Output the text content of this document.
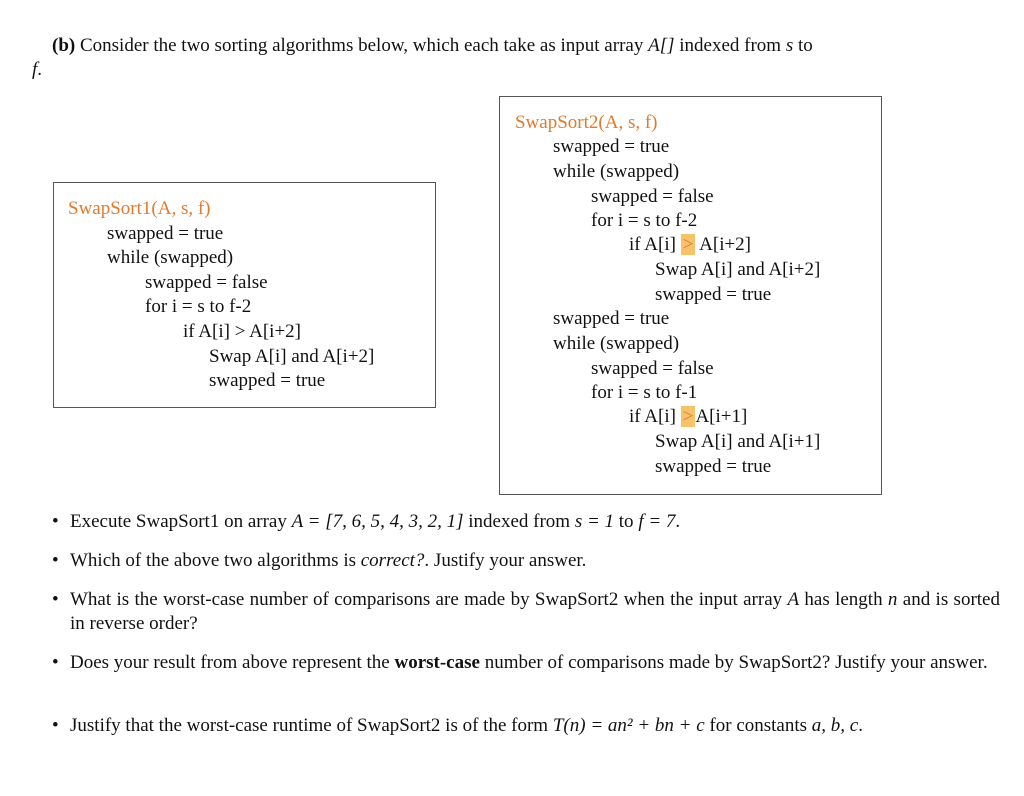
(b) Consider the two sorting algorithms below, which each take as input array A[] indexed from s to
f.
SwapSort1(A, s, f)
swapped = true
while (swapped)
swapped = false
for i = s to f-2
if A[i] > A[i+2]
Swap A[i] and A[i+2]
swapped = true
SwapSort2(A, s, f)
swapped = true
while (swapped)
swapped = false
for i = s to f-2
if A[i] > A[i+2]
Swap A[i] and A[i+2]
swapped = true
swapped = true
while (swapped)
swapped = false
for i = s to f-1
if A[i] > A[i+1]
Swap A[i] and A[i+1]
swapped = true
• Execute SwapSort1 on array A = [7, 6, 5, 4, 3, 2, 1] indexed from s = 1 to f = 7.
• Which of the above two algorithms is correct?. Justify your answer.
• What is the worst-case number of comparisons are made by SwapSort2 when the input array A has length n and is sorted in reverse order?
• Does your result from above represent the worst-case number of comparisons made by SwapSort2? Justify your answer.
• Justify that the worst-case runtime of SwapSort2 is of the form T(n) = an² + bn + c for constants a, b, c.
